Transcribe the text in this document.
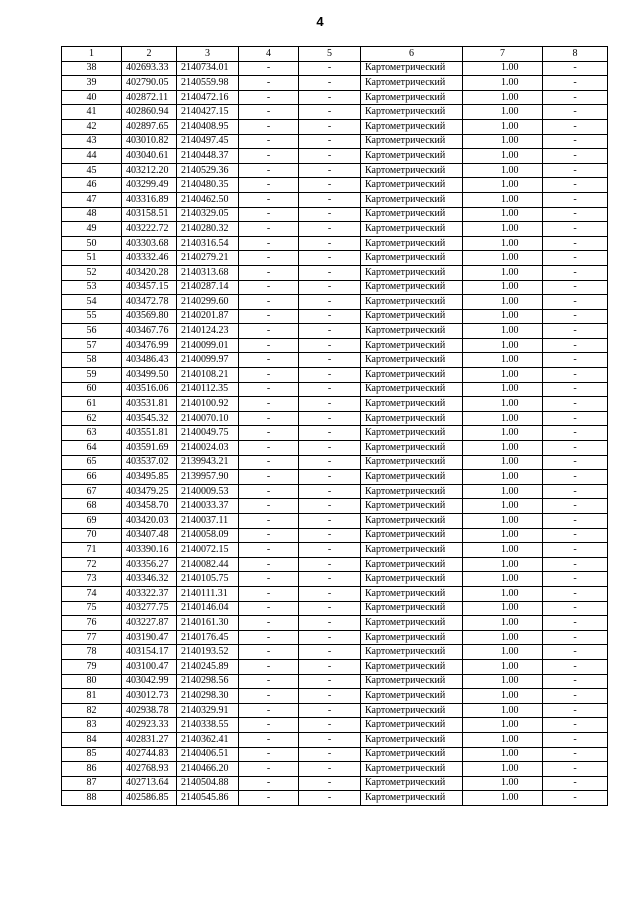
4
1	2	3	4	5	6	7	8
38	402693.33	2140734.01	-	-	Картометрический	1.00	-
39	402790.05	2140559.98	-	-	Картометрический	1.00	-
40	402872.11	2140472.16	-	-	Картометрический	1.00	-
41	402860.94	2140427.15	-	-	Картометрический	1.00	-
42	402897.65	2140408.95	-	-	Картометрический	1.00	-
43	403010.82	2140497.45	-	-	Картометрический	1.00	-
44	403040.61	2140448.37	-	-	Картометрический	1.00	-
45	403212.20	2140529.36	-	-	Картометрический	1.00	-
46	403299.49	2140480.35	-	-	Картометрический	1.00	-
47	403316.89	2140462.50	-	-	Картометрический	1.00	-
48	403158.51	2140329.05	-	-	Картометрический	1.00	-
49	403222.72	2140280.32	-	-	Картометрический	1.00	-
50	403303.68	2140316.54	-	-	Картометрический	1.00	-
51	403332.46	2140279.21	-	-	Картометрический	1.00	-
52	403420.28	2140313.68	-	-	Картометрический	1.00	-
53	403457.15	2140287.14	-	-	Картометрический	1.00	-
54	403472.78	2140299.60	-	-	Картометрический	1.00	-
55	403569.80	2140201.87	-	-	Картометрический	1.00	-
56	403467.76	2140124.23	-	-	Картометрический	1.00	-
57	403476.99	2140099.01	-	-	Картометрический	1.00	-
58	403486.43	2140099.97	-	-	Картометрический	1.00	-
59	403499.50	2140108.21	-	-	Картометрический	1.00	-
60	403516.06	2140112.35	-	-	Картометрический	1.00	-
61	403531.81	2140100.92	-	-	Картометрический	1.00	-
62	403545.32	2140070.10	-	-	Картометрический	1.00	-
63	403551.81	2140049.75	-	-	Картометрический	1.00	-
64	403591.69	2140024.03	-	-	Картометрический	1.00	-
65	403537.02	2139943.21	-	-	Картометрический	1.00	-
66	403495.85	2139957.90	-	-	Картометрический	1.00	-
67	403479.25	2140009.53	-	-	Картометрический	1.00	-
68	403458.70	2140033.37	-	-	Картометрический	1.00	-
69	403420.03	2140037.11	-	-	Картометрический	1.00	-
70	403407.48	2140058.09	-	-	Картометрический	1.00	-
71	403390.16	2140072.15	-	-	Картометрический	1.00	-
72	403356.27	2140082.44	-	-	Картометрический	1.00	-
73	403346.32	2140105.75	-	-	Картометрический	1.00	-
74	403322.37	2140111.31	-	-	Картометрический	1.00	-
75	403277.75	2140146.04	-	-	Картометрический	1.00	-
76	403227.87	2140161.30	-	-	Картометрический	1.00	-
77	403190.47	2140176.45	-	-	Картометрический	1.00	-
78	403154.17	2140193.52	-	-	Картометрический	1.00	-
79	403100.47	2140245.89	-	-	Картометрический	1.00	-
80	403042.99	2140298.56	-	-	Картометрический	1.00	-
81	403012.73	2140298.30	-	-	Картометрический	1.00	-
82	402938.78	2140329.91	-	-	Картометрический	1.00	-
83	402923.33	2140338.55	-	-	Картометрический	1.00	-
84	402831.27	2140362.41	-	-	Картометрический	1.00	-
85	402744.83	2140406.51	-	-	Картометрический	1.00	-
86	402768.93	2140466.20	-	-	Картометрический	1.00	-
87	402713.64	2140504.88	-	-	Картометрический	1.00	-
88	402586.85	2140545.86	-	-	Картометрический	1.00	-
